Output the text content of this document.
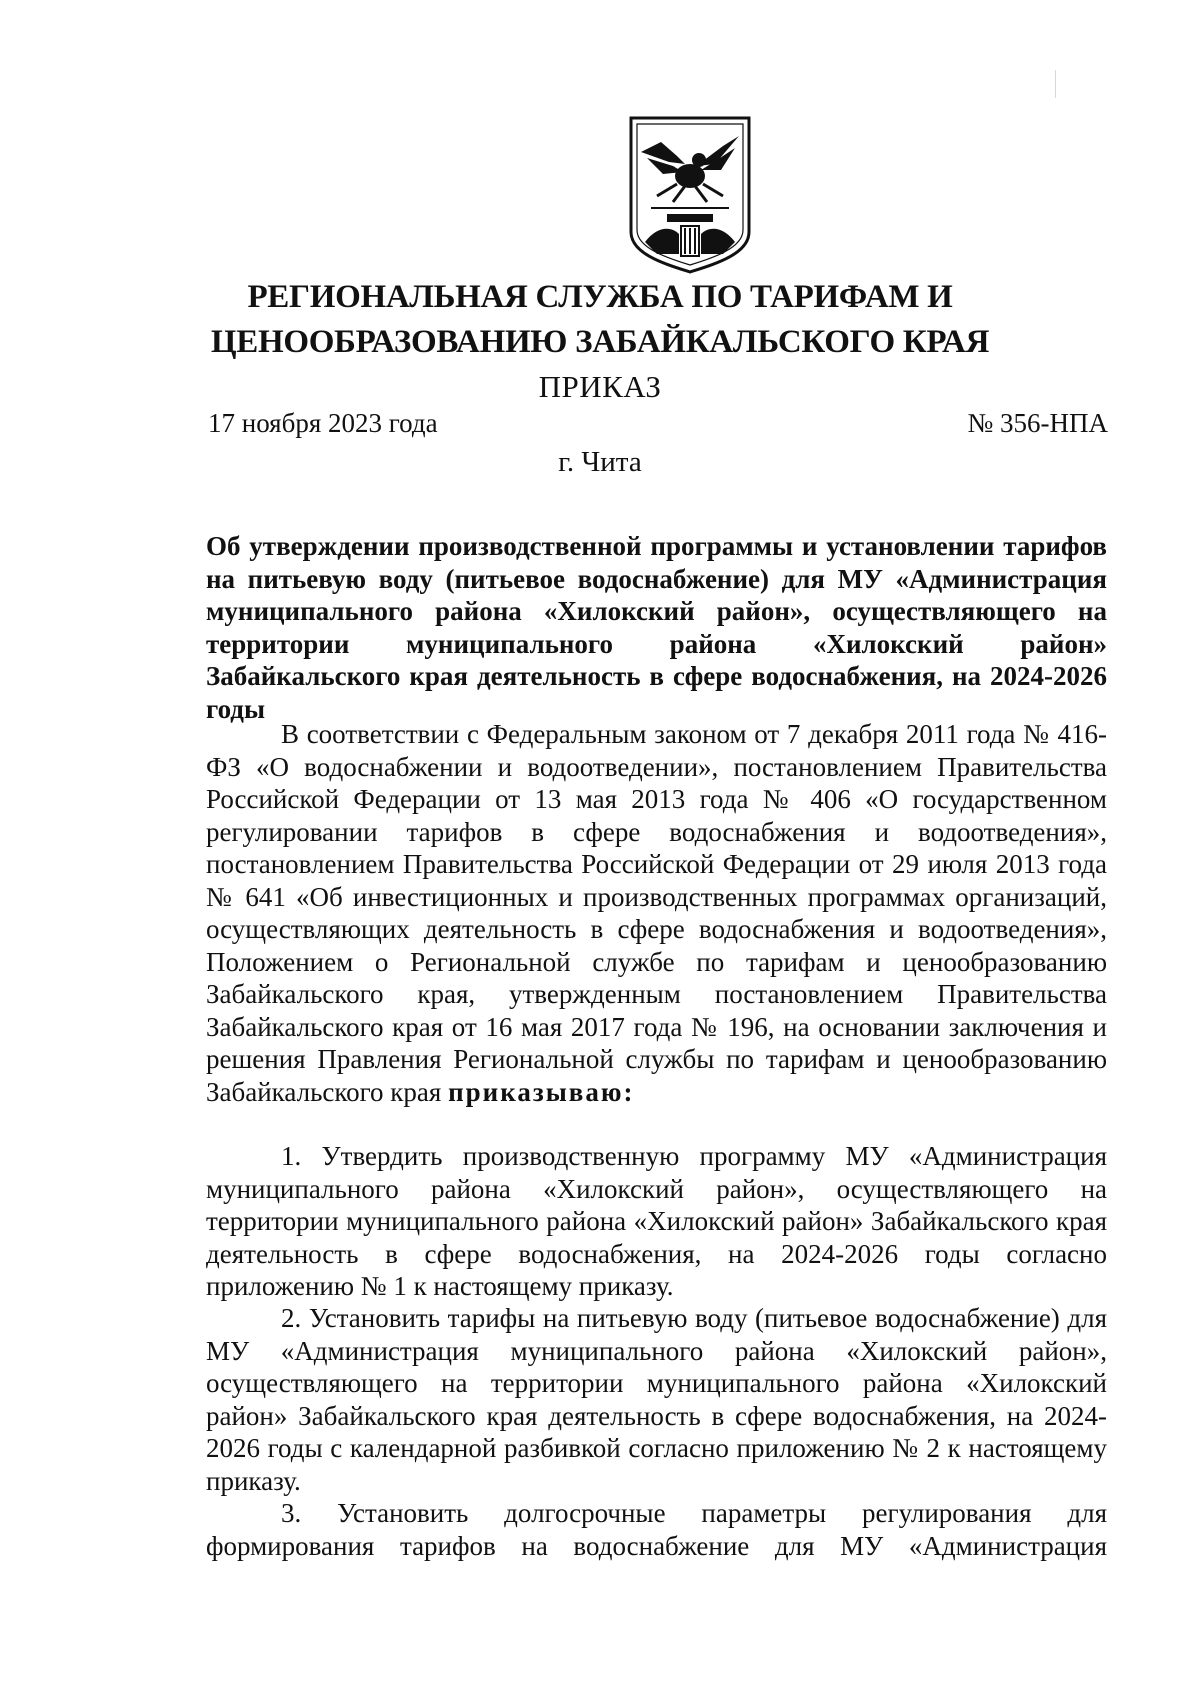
РЕГИОНАЛЬНАЯ СЛУЖБА ПО ТАРИФАМ И
ЦЕНООБРАЗОВАНИЮ ЗАБАЙКАЛЬСКОГО КРАЯ
ПРИКАЗ
17 ноября 2023 года	№ 356-НПА
г. Чита
Об утверждении производственной программы и установлении тарифов на питьевую воду (питьевое водоснабжение) для МУ «Администрация муниципального района «Хилокский район», осуществляющего на территории муниципального района «Хилокский район» Забайкальского края деятельность в сфере водоснабжения, на 2024-2026 годы
В соответствии с Федеральным законом от 7 декабря 2011 года № 416-ФЗ «О водоснабжении и водоотведении», постановлением Правительства Российской Федерации от 13 мая 2013 года № 406 «О государственном регулировании тарифов в сфере водоснабжения и водоотведения», постановлением Правительства Российской Федерации от 29 июля 2013 года № 641 «Об инвестиционных и производственных программах организаций, осуществляющих деятельность в сфере водоснабжения и водоотведения», Положением о Региональной службе по тарифам и ценообразованию Забайкальского края, утвержденным постановлением Правительства Забайкальского края от 16 мая 2017 года № 196, на основании заключения и решения Правления Региональной службы по тарифам и ценообразованию Забайкальского края приказываю:
1. Утвердить производственную программу МУ «Администрация муниципального района «Хилокский район», осуществляющего на территории муниципального района «Хилокский район» Забайкальского края деятельность в сфере водоснабжения, на 2024-2026 годы согласно приложению № 1 к настоящему приказу.
2. Установить тарифы на питьевую воду (питьевое водоснабжение) для МУ «Администрация муниципального района «Хилокский район», осуществляющего на территории муниципального района «Хилокский район» Забайкальского края деятельность в сфере водоснабжения, на 2024-2026 годы с календарной разбивкой согласно приложению № 2 к настоящему приказу.
3. Установить долгосрочные параметры регулирования для формирования тарифов на водоснабжение для МУ «Администрация
